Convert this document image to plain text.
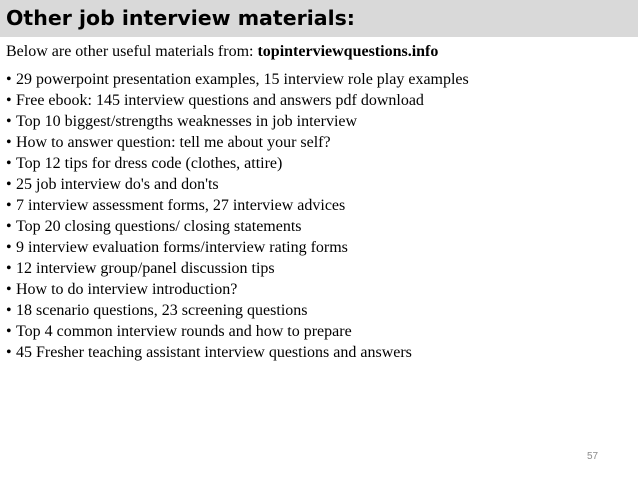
Other job interview materials:
Below are other useful materials from: topinterviewquestions.info
• 29 powerpoint presentation examples, 15 interview role play examples
• Free ebook: 145 interview questions and answers pdf download
• Top 10 biggest/strengths weaknesses in job interview
• How to answer question: tell me about your self?
• Top 12 tips for dress code (clothes, attire)
• 25 job interview do's and don'ts
• 7 interview assessment forms, 27 interview advices
• Top 20 closing questions/ closing statements
• 9 interview evaluation forms/interview rating forms
• 12 interview group/panel discussion tips
• How to do interview introduction?
• 18 scenario questions, 23 screening questions
• Top 4 common interview rounds and how to prepare
• 45 Fresher teaching assistant interview questions and answers
57
